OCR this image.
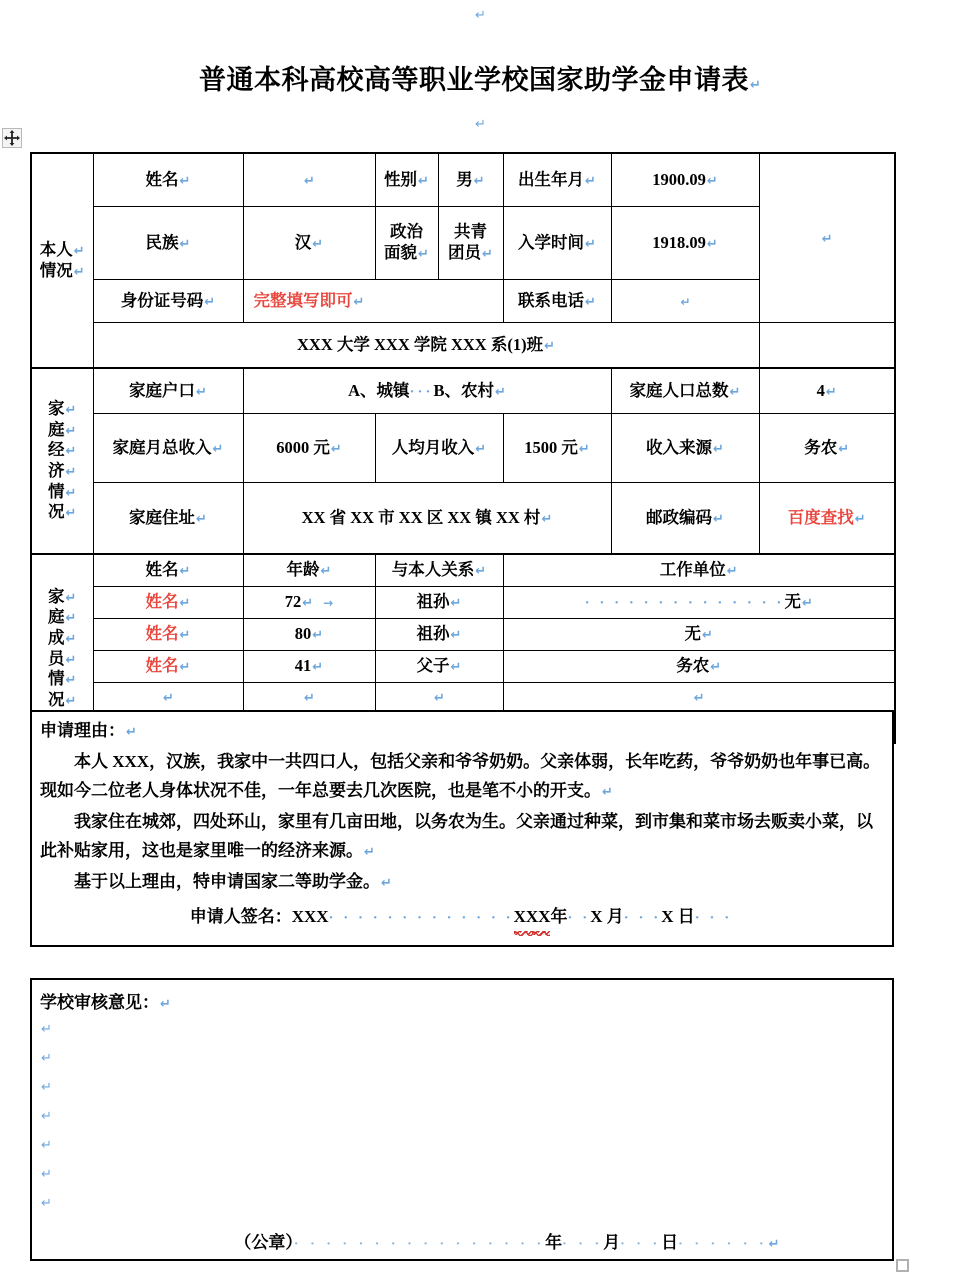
↵
普通本科高校高等职业学校国家助学金申请表↵
↵
本人↵
情况↵	姓名↵	↵	性别↵	男↵	出生年月↵	1900.09↵	↵
	民族↵	汉↵	政治
面貌↵	共青
团员↵	入学时间↵	1918.09↵	
	身份证号码↵	完整填写即可↵			联系电话↵	↵	
	XXX 大学 XXX 学院 XXX 系(1)班↵						

家↵
庭↵
经↵
济↵
情↵
况↵
	家庭户口↵	A、城镇···B、农村↵	家庭人口总数↵	4↵
	家庭月总收入↵	6000 元↵	人均月收入↵		1500 元↵	收入来源↵	务农↵
	家庭住址↵	XX 省 XX 市 XX 区 XX 镇 XX 村↵				邮政编码↵	百度查找↵

家↵
庭↵
成↵
员↵
情↵
况↵
	姓名↵	年龄↵	与本人关系↵	工作单位↵
	姓名↵	72↵ →	祖孙↵		· · · · · · · · · · · · · ·无↵		
	姓名↵	80↵	祖孙↵		无↵		
	姓名↵	41↵	父子↵		务农↵		
	↵	↵	↵		↵		

申请理由：↵

本人 XXX，汉族，我家中一共四口人，包括父亲和爷爷奶奶。父亲体弱，长年吃药，爷爷奶奶也年事已高。现如今二位老人身体状况不佳，一年总要去几次医院，也是笔不小的开支。↵

我家住在城郊，四处环山，家里有几亩田地，以务农为生。父亲通过种菜，到市集和菜市场去贩卖小菜，以此补贴家用，这也是家里唯一的经济来源。↵

基于以上理由，特申请国家二等助学金。↵

申请人签名：XXX· · · · · · · · · · · · ·XXX
年· ·X 月· · ·X 日· · ·
学校审核意见：↵
↵
↵
↵
↵
↵
↵
↵
（公章）· · · · · · · · · · · · · · · ·年· · ·月· · ·日· · · · · ·↵
